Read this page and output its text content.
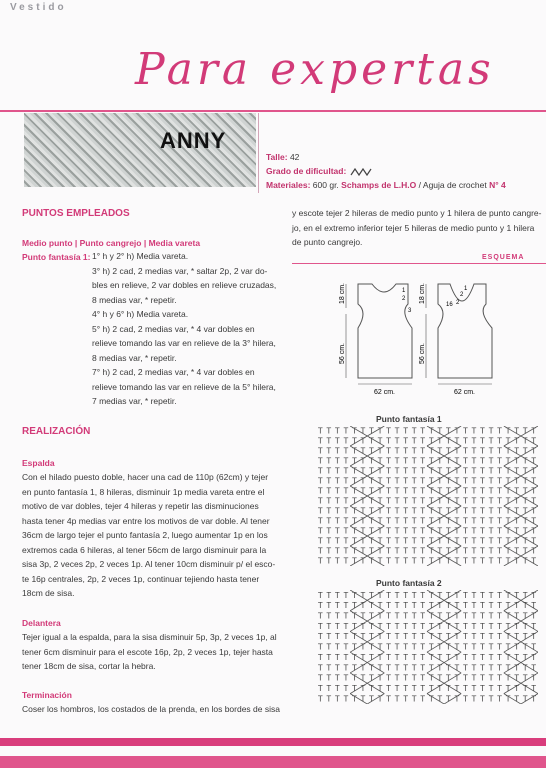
Vestido
Para expertas
ANNY
Talle: 42
Grado de dificultad:
Materiales: 600 gr. Schamps de L.H.O / Aguja de crochet N° 4
PUNTOS EMPLEADOS
Medio punto | Punto cangrejo | Media vareta
Punto fantasía 1: 1° h y 2° h) Media vareta.
3° h) 2 cad, 2 medias var, * saltar 2p, 2 var do-
bles en relieve, 2 var dobles en relieve cruzadas,
8 medias var, * repetir.
4° h y 6° h) Media vareta.
5° h) 2 cad, 2 medias var, * 4 var dobles en
relieve tomando las var en relieve de la 3° hilera,
8 medias var, * repetir.
7° h) 2 cad, 2 medias var, * 4 var dobles en
relieve tomando las var en relieve de la 5° hilera,
7 medias var, * repetir.
REALIZACIÓN
Espalda
Con el hilado puesto doble, hacer una cad de 110p (62cm) y tejer
en punto fantasía 1, 8 hileras, disminuir 1p media vareta entre el
motivo de var dobles, tejer 4 hileras y repetir las disminuciones
hasta tener 4p medias var entre los motivos de var doble. Al tener
36cm de largo tejer el punto fantasía 2, luego aumentar 1p en los
extremos cada 6 hileras, al tener 56cm de largo disminuir para la
sisa 3p, 2 veces 2p, 2 veces 1p. Al tener 10cm disminuir p/ el esco-
te 16p centrales, 2p, 2 veces 1p, continuar tejiendo hasta tener
18cm de sisa.
Delantera
Tejer igual a la espalda, para la sisa disminuir 5p, 3p, 2 veces 1p, al
tener 6cm disminuir para el escote 16p, 2p, 2 veces 1p, tejer hasta
tener 18cm de sisa, cortar la hebra.
Terminación
Coser los hombros, los costados de la prenda, en los bordes de sisa
y escote tejer 2 hileras de medio punto y 1 hilera de punto cangre-
jo, en el extremo inferior tejer 5 hileras de medio punto y 1 hilera
de punto cangrejo.
ESQUEMA
18 cm.
56 cm.
62 cm.
1
2
3
18 cm.
56 cm.
62 cm.
16 2
2
1
Punto fantasía 1
T T T T T T T T T T T T T T T T T T T T T T T T T T
T T T T T T T T T T T T T T T T T T T T T T T T T T
T T T T T T T T T T T T T T T T T T T T T T T T T T
T T T T T T T T T T T T T T T T T T T T T T T T T T
T T T T T T T T T T T T T T T T T T T T T T T T T T
T T T T T T T T T T T T T T T T T T T T T T T T T T
T T T T T T T T T T T T T T T T T T T T T T T T T T
T T T T T T T T T T T T T T T T T T T T T T T T T T
T T T T T T T T T T T T T T T T T T T T T T T T T T
T T T T T T T T T T T T T T T T T T T T T T T T T T
T T T T T T T T T T T T T T T T T T T T T T T T T T
T T T T T T T T T T T T T T T T T T T T T T T T T T
T T T T T T T T T T T T T T T T T T T T T T T T T T
T T T T T T T T T T T T T T T T T T T T T T T T T T
Punto fantasía 2
T T T T T T T T T T T T T T T T T T T T T T T T T T
T T T T T T T T T T T T T T T T T T T T T T T T T T
T T T T T T T T T T T T T T T T T T T T T T T T T T
T T T T T T T T T T T T T T T T T T T T T T T T T T
T T T T T T T T T T T T T T T T T T T T T T T T T T
T T T T T T T T T T T T T T T T T T T T T T T T T T
T T T T T T T T T T T T T T T T T T T T T T T T T T
T T T T T T T T T T T T T T T T T T T T T T T T T T
T T T T T T T T T T T T T T T T T T T T T T T T T T
T T T T T T T T T T T T T T T T T T T T T T T T T T
T T T T T T T T T T T T T T T T T T T T T T T T T T
